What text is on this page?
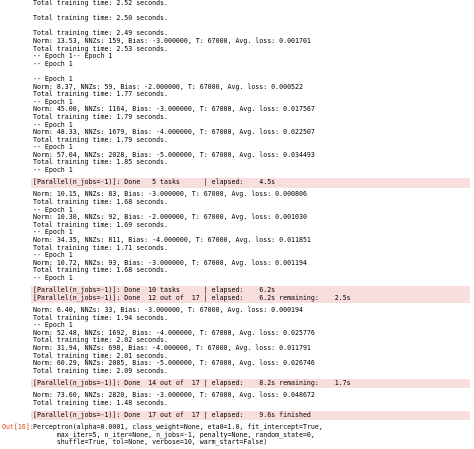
Total training time: 2.52 seconds.
Total training time: 2.50 seconds.
Total training time: 2.49 seconds.
Norm: 13.53, NNZs: 159, Bias: -3.000000, T: 67000, Avg. loss: 0.001701
Total training time: 2.53 seconds.
-- Epoch 1-- Epoch 1
-- Epoch 1
-- Epoch 1
Norm: 8.37, NNZs: 59, Bias: -2.000000, T: 67000, Avg. loss: 0.000522
Total training time: 1.77 seconds.
-- Epoch 1
Norm: 45.00, NNZs: 1164, Bias: -3.000000, T: 67000, Avg. loss: 0.017567
Total training time: 1.79 seconds.
-- Epoch 1
Norm: 48.33, NNZs: 1679, Bias: -4.000000, T: 67000, Avg. loss: 0.022507
Total training time: 1.79 seconds.
-- Epoch 1
Norm: 57.04, NNZs: 2028, Bias: -5.000000, T: 67000, Avg. loss: 0.034493
Total training time: 1.85 seconds.
-- Epoch 1
[Parallel(n_jobs=-1)]: Done   5 tasks      | elapsed:    4.5s
Norm: 10.15, NNZs: 83, Bias: -3.000000, T: 67000, Avg. loss: 0.000806
Total training time: 1.68 seconds.
-- Epoch 1
Norm: 10.30, NNZs: 92, Bias: -2.000000, T: 67000, Avg. loss: 0.001030
Total training time: 1.69 seconds.
-- Epoch 1
Norm: 34.35, NNZs: 811, Bias: -4.000000, T: 67000, Avg. loss: 0.011851
Total training time: 1.71 seconds.
-- Epoch 1
Norm: 10.72, NNZs: 93, Bias: -3.000000, T: 67000, Avg. loss: 0.001194
Total training time: 1.68 seconds.
-- Epoch 1
[Parallel(n_jobs=-1)]: Done  10 tasks      | elapsed:    6.2s
[Parallel(n_jobs=-1)]: Done  12 out of  17 | elapsed:    6.2s remaining:    2.5s
Norm: 6.40, NNZs: 33, Bias: -3.000000, T: 67000, Avg. loss: 0.000194
Total training time: 1.94 seconds.
-- Epoch 1
Norm: 52.48, NNZs: 1692, Bias: -4.000000, T: 67000, Avg. loss: 0.025776
Total training time: 2.02 seconds.
Norm: 31.94, NNZs: 698, Bias: -4.000000, T: 67000, Avg. loss: 0.011791
Total training time: 2.01 seconds.
Norm: 60.29, NNZs: 2085, Bias: -5.000000, T: 67000, Avg. loss: 0.026746
Total training time: 2.09 seconds.
[Parallel(n_jobs=-1)]: Done  14 out of  17 | elapsed:    8.2s remaining:    1.7s
Norm: 73.60, NNZs: 2820, Bias: -3.000000, T: 67000, Avg. loss: 0.048672
Total training time: 1.48 seconds.
[Parallel(n_jobs=-1)]: Done  17 out of  17 | elapsed:    9.6s finished
Out[16]: Perceptron(alpha=0.0001, class_weight=None, eta0=1.0, fit_intercept=True,
max_iter=5, n_iter=None, n_jobs=-1, penalty=None, random_state=0,
shuffle=True, tol=None, verbose=10, warm_start=False)
